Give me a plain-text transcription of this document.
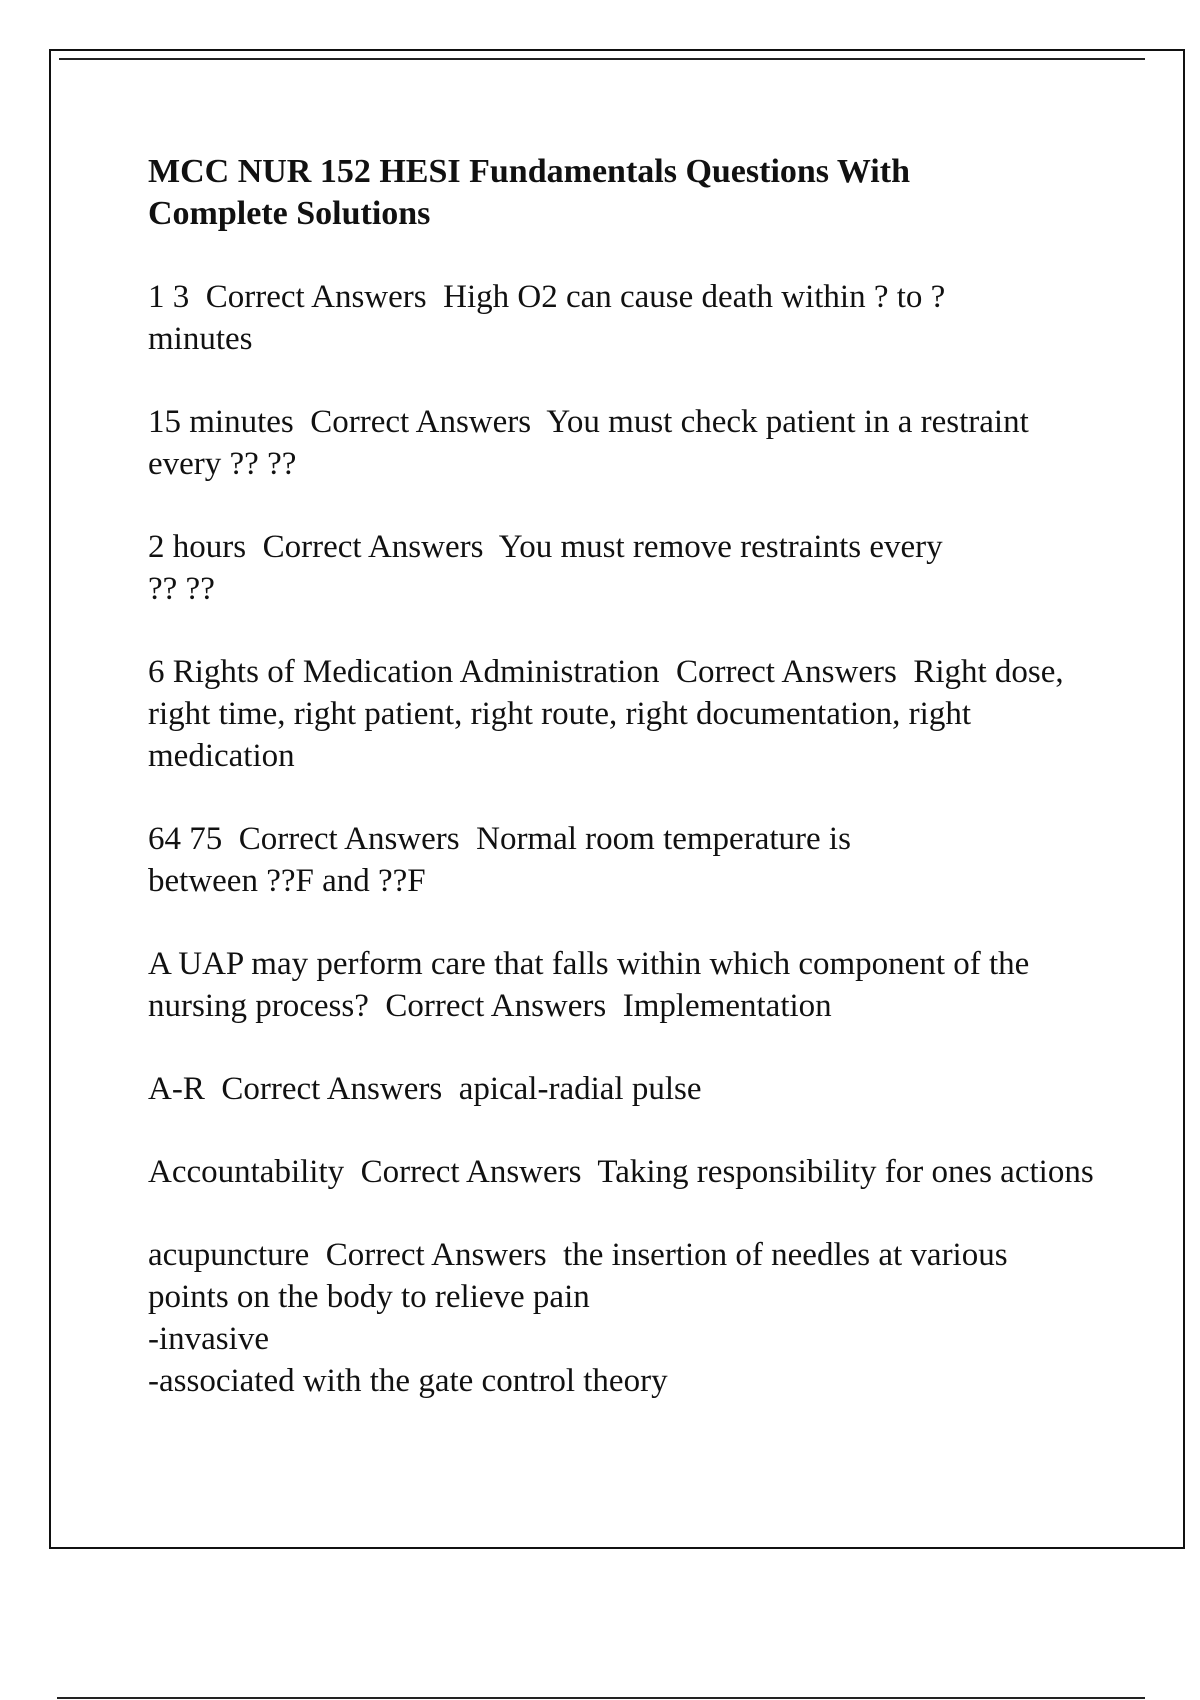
MCC NUR 152 HESI Fundamentals Questions With Complete Solutions

1 3  Correct Answers  High O2 can cause death within ? to ? minutes

15 minutes  Correct Answers  You must check patient in a restraint every ?? ??

2 hours  Correct Answers  You must remove restraints every ?? ??

6 Rights of Medication Administration  Correct Answers  Right dose, right time, right patient, right route, right documentation, right medication

64 75  Correct Answers  Normal room temperature is between ??F and ??F

A UAP may perform care that falls within which component of the nursing process?  Correct Answers  Implementation

A-R  Correct Answers  apical-radial pulse

Accountability  Correct Answers  Taking responsibility for ones actions

acupuncture  Correct Answers  the insertion of needles at various points on the body to relieve pain
-invasive
-associated with the gate control theory
